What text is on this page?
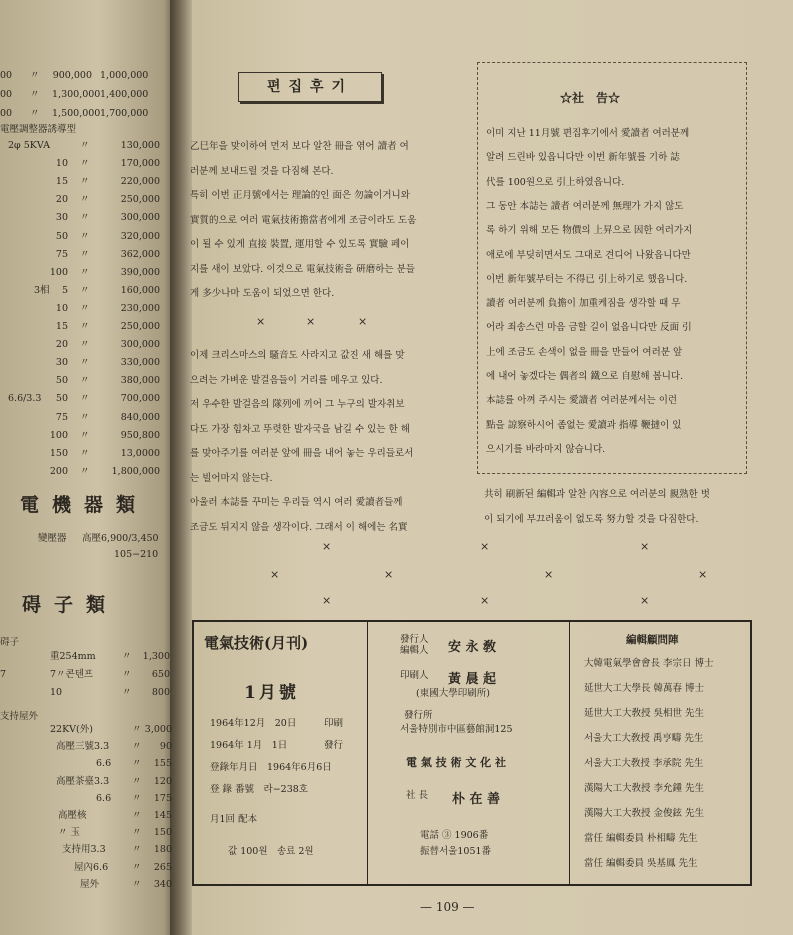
00 〃 900,000 1,000,000
00 〃 1,300,000 1,400,000
00 〃 1,500,000 1,700,000
電壓調整器誘導型
2φ 5KVA	〃	130,000
10 〃	170,000
15 〃	220,000
20 〃	250,000
30 〃	300,000
50 〃	320,000
75 〃	362,000
100 〃	390,000
3相	5 〃	160,000
10 〃	230,000
15 〃	250,000
20 〃	300,000
30 〃	330,000
50 〃	380,000
6.6/3.3	50 〃	700,000
75 〃	840,000
100 〃	950,800
150 〃	13,0000
200 〃	1,800,000
電機器類
變壓器 高壓6,900/3,450
105−210
碍子類
碍子
重254mm	〃 1,300
7	7〃콘텐프	〃	650
10	〃	800
支持屋外
22KV(外)	〃 3,000
高壓三號3.3 〃	90
6.6 〃	155
高壓茶臺3.3 〃	120
6.6 〃	175
高壓核	〃	145
〃 玉	〃	150
支持用3.3	〃	180
屋內6.6	〃	265
屋外	〃	340
편집후기
乙巳年을 맞이하여 먼저 보다 알찬 冊을 엮어 讀者 여
러분께 보내드릴 것을 다짐해 본다.
특히 이번 正月號에서는 理論的인 面은 勿論이거니와
實質的으로 여러 電氣技術擔當者에게 조금이라도 도움
이 될 수 있게 直接 裝置, 運用할 수 있도록 實驗 페이
지를 새이 보았다. 이것으로 電氣技術을 硏磨하는 분들
게 多少나마 도움이 되었으면 한다.
×	×	×
이제 크리스마스의 騷音도 사라지고 값진 새 해를 맞
으려는 가벼운 발걸음들이 거리를 메우고 있다.
저 우수한 발걸음의 隊列에 끼어 그 누구의 발자취보
다도 가장 힘차고 뚜렷한 발자국을 남길 수 있는 한 해
를 맞아주기를 여러분 앞에 冊을 내어 놓는 우리들로서
는 빌어마지 않는다.
아울러 本誌를 꾸미는 우리들 역시 여러 愛讀者들께
조금도 뒤지지 않을 생각이다. 그래서 이 해에는 名實
共히 刷新된 編輯과 알찬 內容으로 여러분의 親熟한 벗
이 되기에 부끄러움이 없도록 努力할 것을 다짐한다.
☆社　告☆
이미 지난 11月號 편집후기에서 愛讀者 여러분께
알려 드린바 있읍니다만 이번 新年號를 기하 誌
代를 100원으로 引上하였읍니다.
그 동안 本誌는 讀者 여러분께 無理가 가지 않도
록 하기 위해 모든 物價의 上昇으로 因한 여러가지
애로에 부딪히면서도 그대로 견디어 나왔읍니다만
이번 新年號부터는 不得已 引上하기로 했읍니다.
讀者 여러분께 負擔이 加重케짐을 생각할 때 무
어라 죄송스런 마음 금할 길이 없읍니다만 反面 引
上에 조금도 손색이 없을 冊을 만들어 여러분 앞
에 내어 놓겠다는 偶者의 鐵으로 自慰해 봅니다.
本誌를 아껴 주시는 愛讀者 여러분께서는 이런
點을 諒察하시어 좀없는 愛讀과 指導 鞭撻이 있
으시기를 바라마지 않습니다.
×	×	×
×	×	×	×
×	×	×
電氣技術(月刊)
1月號
1964年12月　20日	印刷
1964年 1月　1日	發行
登錄年月日　1964年6月6日
登 錄 番號　라−238호
月1回 配本
값 100원　송료 2원
發行人
編輯人 安 永 敎
印刷人 黃 晨 起
(東國大學印刷所)
發行所
서울特別市中區藝館洞125
電 氣 技 術 文 化 社
社 長 朴 在 善
電話 ③ 1906番
振替서울1051番
編輯顧問陣
大韓電氣學會會長 李宗日 博士
延世大工大學長 韓萬春 博士
延世大工大敎授 吳相世 先生
서울大工大敎授 禹亨疇 先生
서울大工大敎授 李承院 先生
漢陽大工大敎授 李允鍾 先生
漢陽大工大敎授 金俊鉉 先生
當任 編輯委員 朴相疇 先生
當任 編輯委員 吳基鳳 先生
— 109 —
